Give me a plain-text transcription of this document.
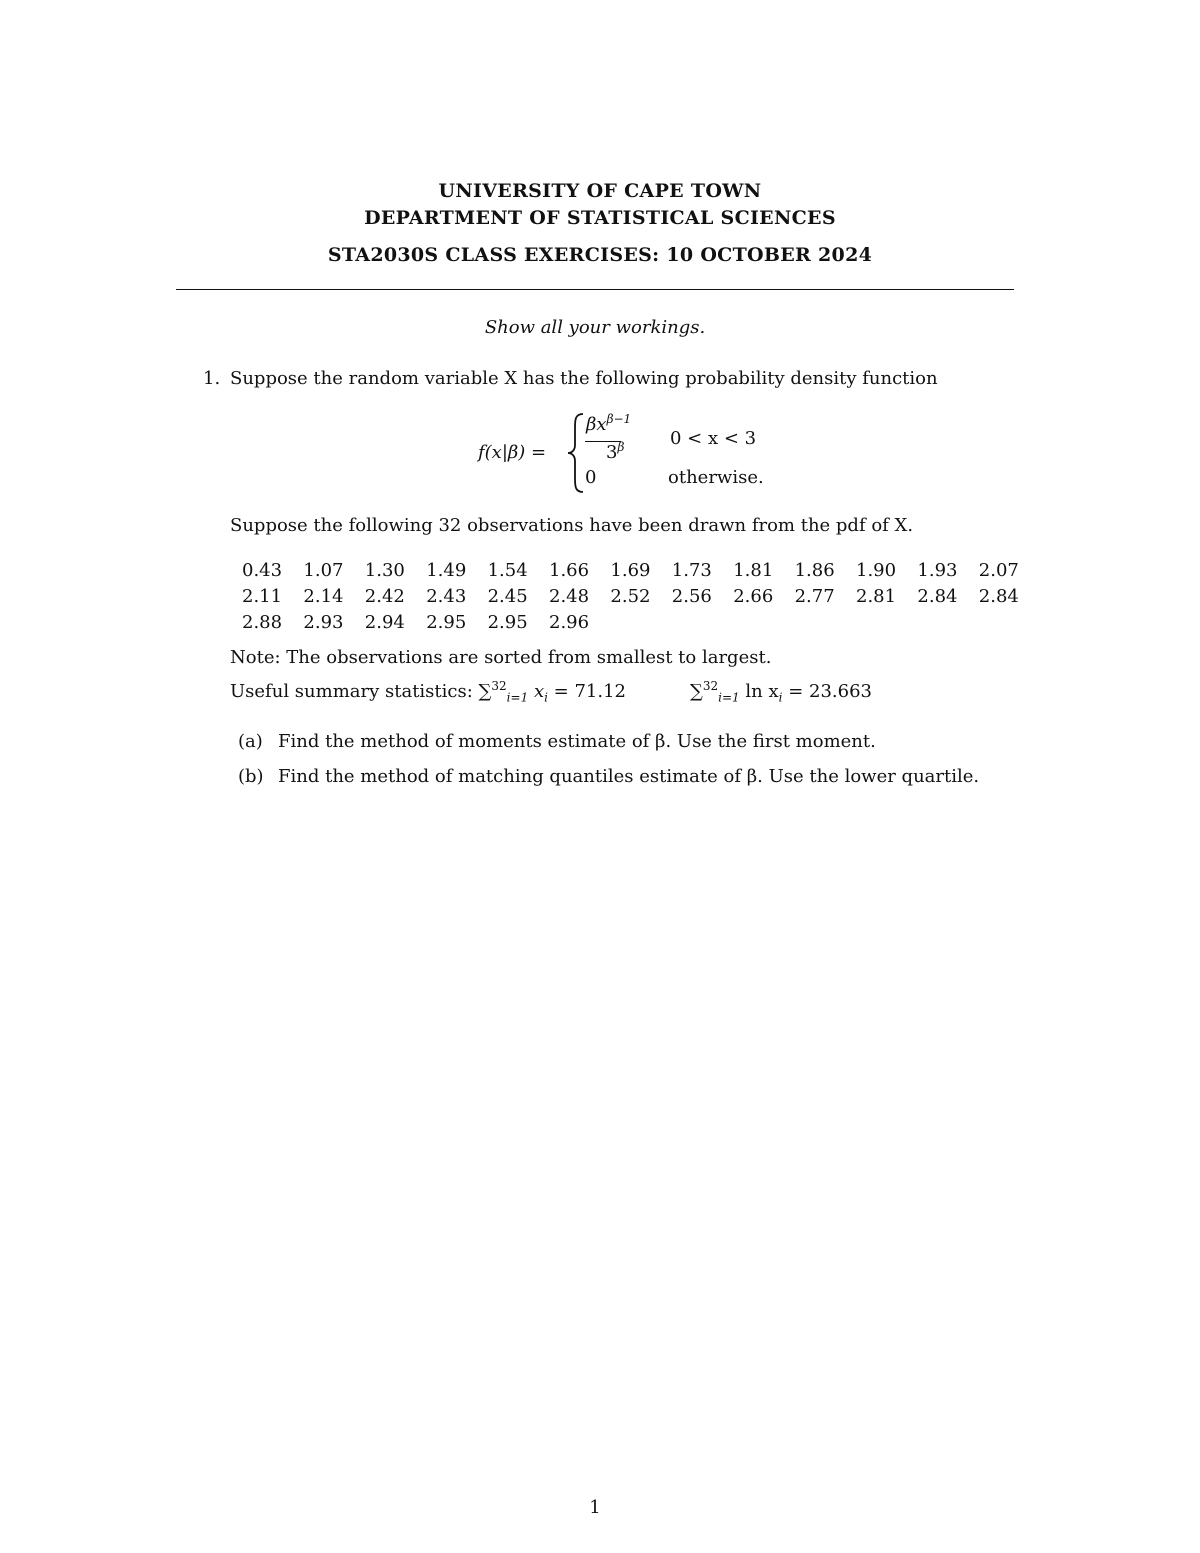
UNIVERSITY OF CAPE TOWN
DEPARTMENT OF STATISTICAL SCIENCES
STA2030S CLASS EXERCISES: 10 OCTOBER 2024
Show all your workings.
1. Suppose the random variable X has the following probability density function
f(x|β) =
$\beta x^{\beta-1}$
$3^\beta$	0 < x < 3
0	otherwise.
Suppose the following 32 observations have been drawn from the pdf of X.
0.43	1.07	1.30	1.49	1.54	1.66	1.69	1.73	1.81	1.86	1.90	1.93	2.07
2.11	2.14	2.42	2.43	2.45	2.48	2.52	2.56	2.66	2.77	2.81	2.84	2.84
2.88	2.93	2.94	2.95	2.95	2.96
Note: The observations are sorted from smallest to largest.
Useful summary statistics: ∑$^{32}_{i=1}$ $x_i = 71.12$	∑$^{32}_{i=1}$ $\ln x_i = 23.663$
(a) Find the method of moments estimate of β. Use the first moment.
(b) Find the method of matching quantiles estimate of β. Use the lower quartile.
1
